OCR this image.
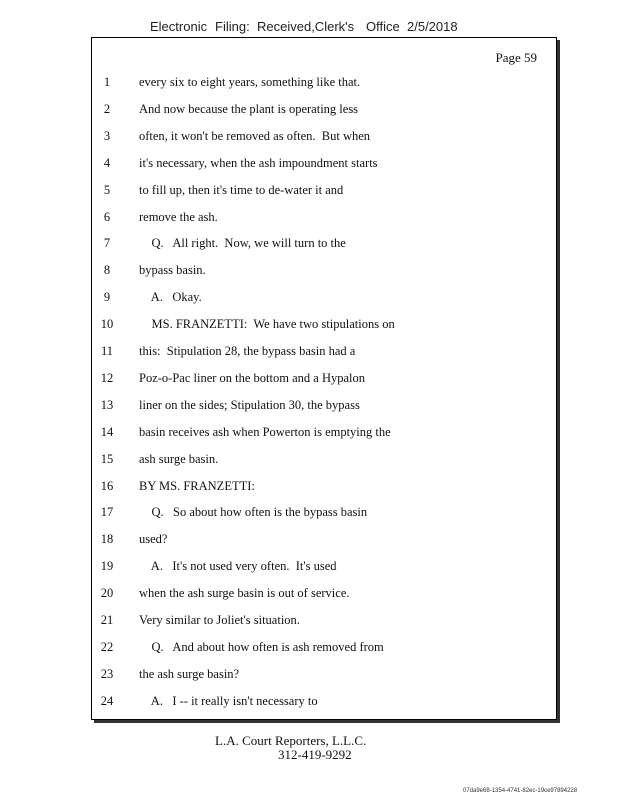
Electronic Filing: Received,Clerk's Office 2/5/2018
Page 59
1	every six to eight years, something like that.
2	And now because the plant is operating less
3	often, it won't be removed as often.  But when
4	it's necessary, when the ash impoundment starts
5	to fill up, then it's time to de-water it and
6	remove the ash.
7	Q.   All right.  Now, we will turn to the
8	bypass basin.
9	A.   Okay.
10	MS. FRANZETTI:  We have two stipulations on
11	this:  Stipulation 28, the bypass basin had a
12	Poz-o-Pac liner on the bottom and a Hypalon
13	liner on the sides; Stipulation 30, the bypass
14	basin receives ash when Powerton is emptying the
15	ash surge basin.
16	BY MS. FRANZETTI:
17	Q.   So about how often is the bypass basin
18	used?
19	A.   It's not used very often.  It's used
20	when the ash surge basin is out of service.
21	Very similar to Joliet's situation.
22	Q.   And about how often is ash removed from
23	the ash surge basin?
24	A.   I -- it really isn't necessary to
L.A. Court Reporters, L.L.C.
312-419-9292
07da9e68-1354-4741-82ec-19ce97894228
